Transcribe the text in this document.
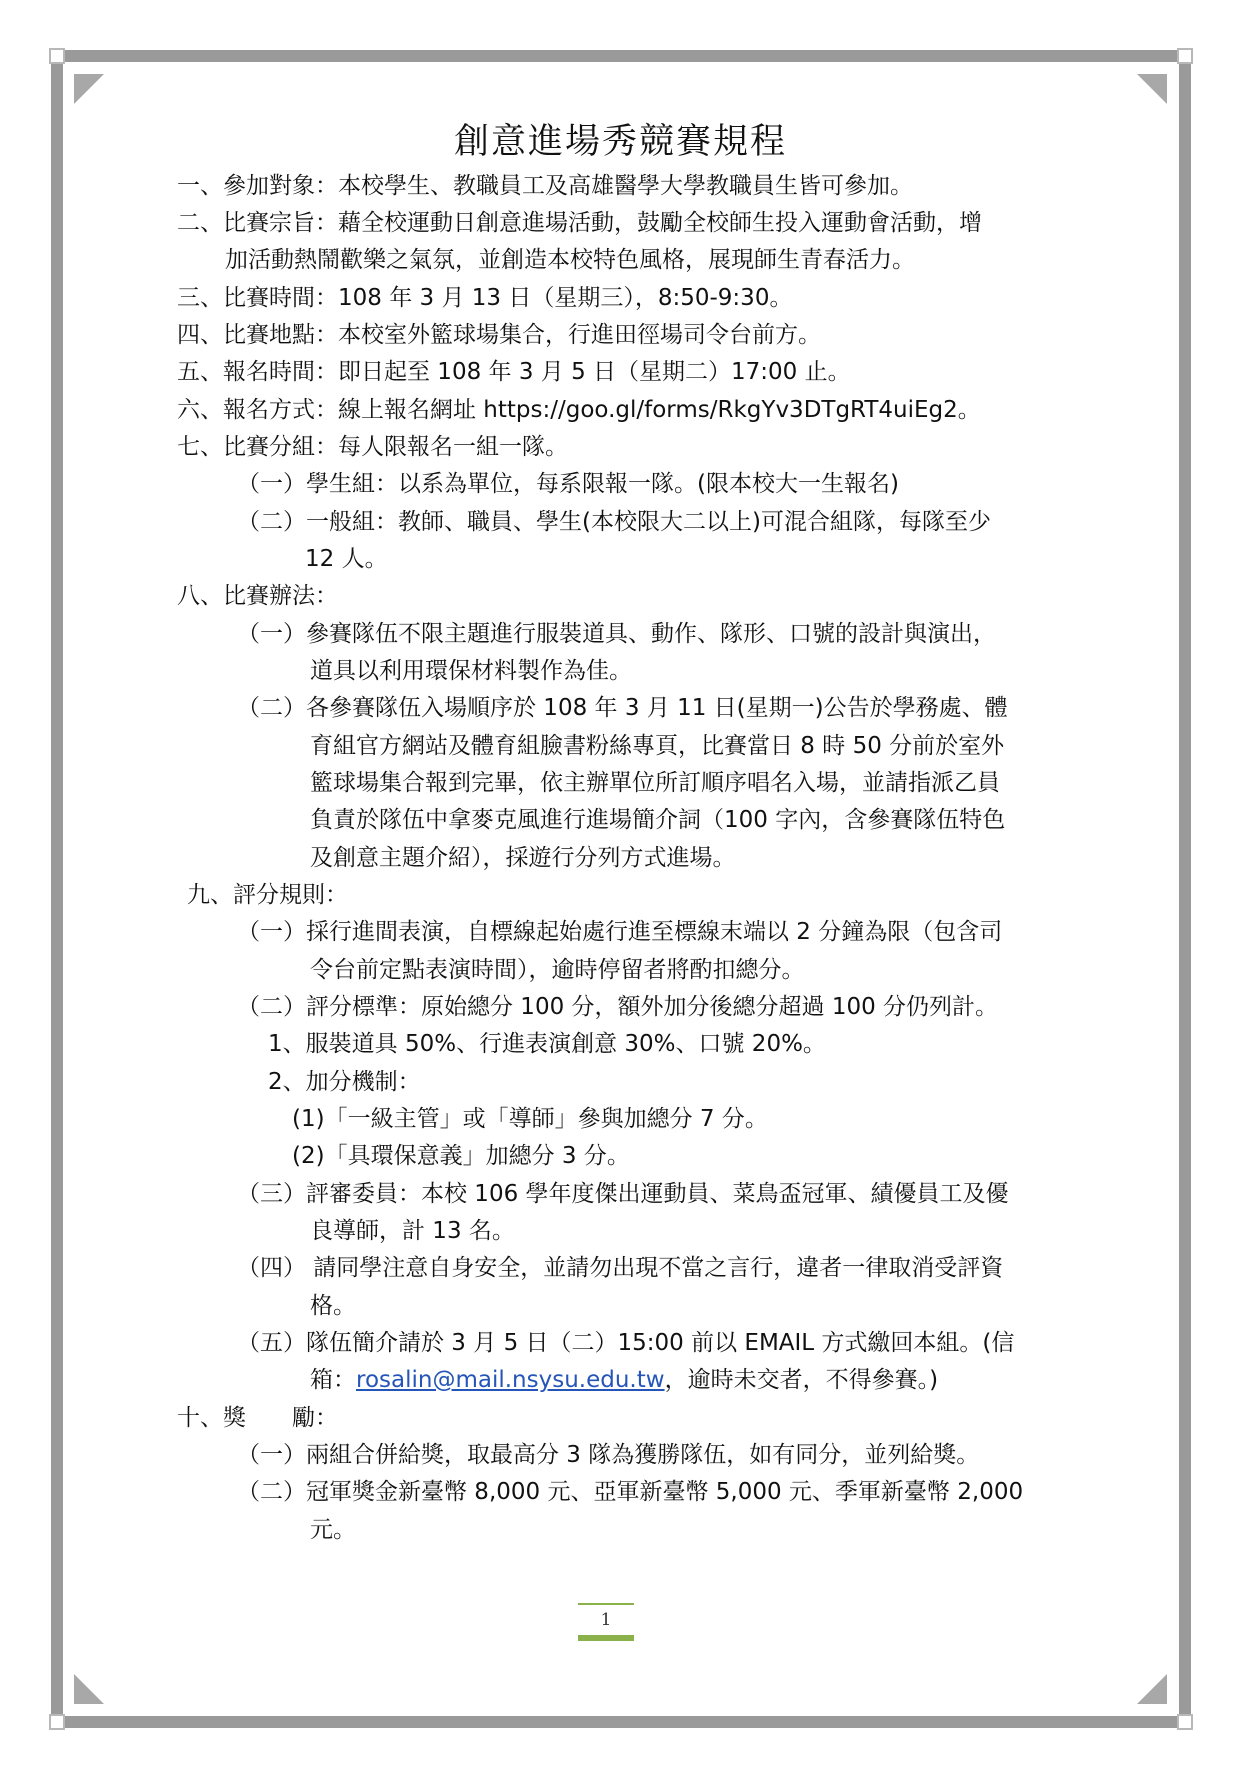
創意進場秀競賽規程
一、參加對象：本校學生、教職員工及高雄醫學大學教職員生皆可參加。
二、比賽宗旨：藉全校運動日創意進場活動，鼓勵全校師生投入運動會活動，增
加活動熱鬧歡樂之氣氛，並創造本校特色風格，展現師生青春活力。
三、比賽時間：108 年 3 月 13 日（星期三），8:50-9:30。
四、比賽地點：本校室外籃球場集合，行進田徑場司令台前方。
五、報名時間：即日起至 108 年 3 月 5 日（星期二）17:00 止。
六、報名方式：線上報名網址 https://goo.gl/forms/RkgYv3DTgRT4uiEg2。
七、比賽分組：每人限報名一組一隊。
（一）學生組：以系為單位，每系限報一隊。(限本校大一生報名)
（二）一般組：教師、職員、學生(本校限大二以上)可混合組隊，每隊至少
12 人。
八、比賽辦法：
（一）參賽隊伍不限主題進行服裝道具、動作、隊形、口號的設計與演出，
道具以利用環保材料製作為佳。
（二）各參賽隊伍入場順序於 108 年 3 月 11 日(星期一)公告於學務處、體
育組官方網站及體育組臉書粉絲專頁，比賽當日 8 時 50 分前於室外
籃球場集合報到完畢，依主辦單位所訂順序唱名入場，並請指派乙員
負責於隊伍中拿麥克風進行進場簡介詞（100 字內，含參賽隊伍特色
及創意主題介紹），採遊行分列方式進場。
九、評分規則：
（一）採行進間表演，自標線起始處行進至標線末端以 2 分鐘為限（包含司
令台前定點表演時間），逾時停留者將酌扣總分。
（二）評分標準：原始總分 100 分，額外加分後總分超過 100 分仍列計。
1、服裝道具 50%、行進表演創意 30%、口號 20%。
2、加分機制：
(1)「一級主管」或「導師」參與加總分 7 分。
(2)「具環保意義」加總分 3 分。
（三）評審委員：本校 106 學年度傑出運動員、菜鳥盃冠軍、績優員工及優
良導師，計 13 名。
（四） 請同學注意自身安全，並請勿出現不當之言行，違者一律取消受評資
格。
（五）隊伍簡介請於 3 月 5 日（二）15:00 前以 EMAIL 方式繳回本組。(信
箱：rosalin@mail.nsysu.edu.tw，逾時未交者，不得參賽。)
十、獎　　勵：
（一）兩組合併給獎，取最高分 3 隊為獲勝隊伍，如有同分，並列給獎。
（二）冠軍獎金新臺幣 8,000 元、亞軍新臺幣 5,000 元、季軍新臺幣 2,000
元。
1
